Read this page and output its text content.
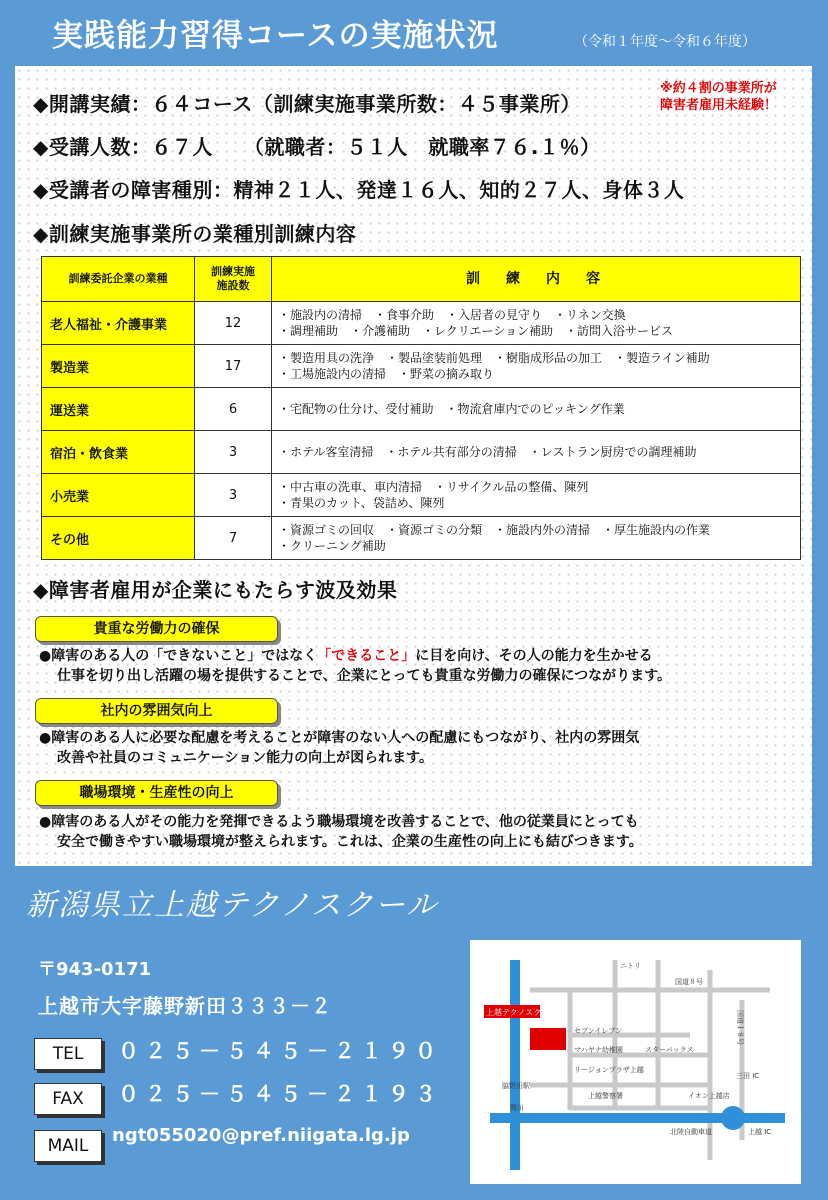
実践能力習得コースの実施状況	（令和１年度〜令和６年度）
◆開講実績：６４コース（訓練実施事業所数：４５事業所）
※約４割の事業所が
障害者雇用未経験！
◆受講人数：６７人　　（就職者：５１人　就職率７６.１％）
◆受講者の障害種別：精神２１人、発達１６人、知的２７人、身体３人
◆訓練実施事業所の業種別訓練内容
訓練委託企業の業種	訓練実施
施設数	訓　練　内　容
老人福祉・介護事業	12	・施設内の清掃　・食事介助　・入居者の見守り　・リネン交換
・調理補助　・介護補助　・レクリエーション補助　・訪問入浴サービス

製造業	17	・製造用具の洗浄　・製品塗装前処理　・樹脂成形品の加工　・製造ライン補助
・工場施設内の清掃　・野菜の摘み取り

運送業	6	・宅配物の仕分け、受付補助　・物流倉庫内でのピッキング作業

宿泊・飲食業	3	・ホテル客室清掃　・ホテル共有部分の清掃　・レストラン厨房での調理補助

小売業	3	・中古車の洗車、車内清掃　・リサイクル品の整備、陳列
・青果のカット、袋詰め、陳列

その他	7	・資源ゴミの回収　・資源ゴミの分類　・施設内外の清掃　・厚生施設内の作業
・クリーニング補助
◆障害者雇用が企業にもたらす波及効果
貴重な労働力の確保
●障害のある人の「できないこと」ではなく「できること」に目を向け、その人の能力を生かせる
仕事を切り出し活躍の場を提供することで、企業にとっても貴重な労働力の確保につながります。
社内の雰囲気向上
●障害のある人に必要な配慮を考えることが障害のない人への配慮にもつながり、社内の雰囲気
改善や社員のコミュニケーション能力の向上が図られます。
職場環境・生産性の向上
●障害のある人がその能力を発揮できるよう職場環境を改善することで、他の従業員にとっても
安全で働きやすい職場環境が整えられます。これは、企業の生産性の向上にも結びつきます。
新潟県立上越テクノスクール
〒943-0171
上越市大字藤野新田３３３－２
TEL	０２５－５４５－２１９０
FAX	０２５－５４５－２１９３
MAIL	ngt055020@pref.niigata.lg.jp
上越テクノスクール
ニトリ
国道８号
セブンイレブン
マハヤナ幼稚園	スターバックス
リージョンプラザ上越
上越警察署
脇野田駅
関川
イオン上越店
三田 IC
北陸自動車道	上越 IC
国道１８号
